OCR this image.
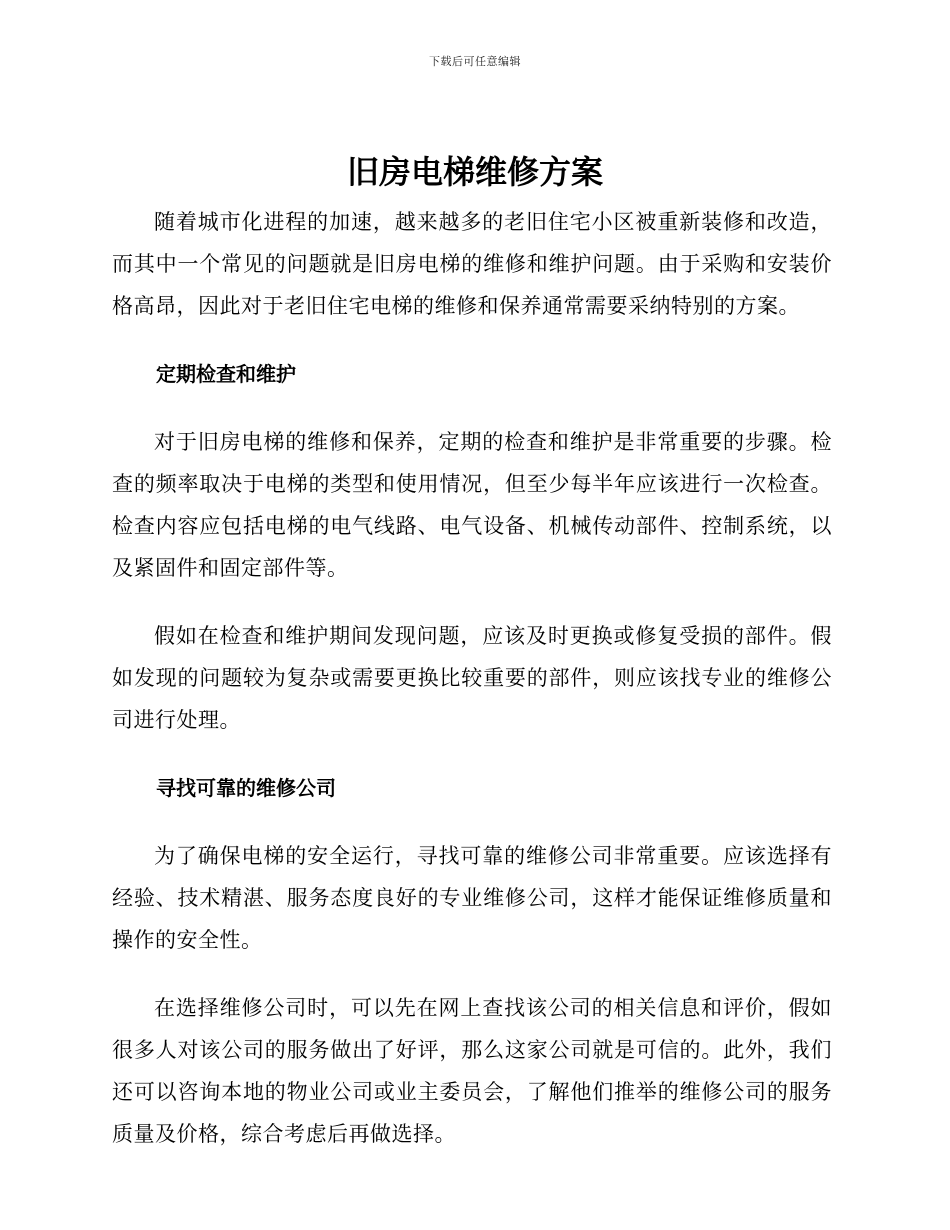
下载后可任意编辑
旧房电梯维修方案

随着城市化进程的加速，越来越多的老旧住宅小区被重新装修和改造，而其中一个常见的问题就是旧房电梯的维修和维护问题。由于采购和安装价格高昂，因此对于老旧住宅电梯的维修和保养通常需要采纳特别的方案。

定期检查和维护

对于旧房电梯的维修和保养，定期的检查和维护是非常重要的步骤。检查的频率取决于电梯的类型和使用情况，但至少每半年应该进行一次检查。检查内容应包括电梯的电气线路、电气设备、机械传动部件、控制系统，以及紧固件和固定部件等。

假如在检查和维护期间发现问题，应该及时更换或修复受损的部件。假如发现的问题较为复杂或需要更换比较重要的部件，则应该找专业的维修公司进行处理。

寻找可靠的维修公司

为了确保电梯的安全运行，寻找可靠的维修公司非常重要。应该选择有经验、技术精湛、服务态度良好的专业维修公司，这样才能保证维修质量和操作的安全性。

在选择维修公司时，可以先在网上查找该公司的相关信息和评价，假如很多人对该公司的服务做出了好评，那么这家公司就是可信的。此外，我们还可以咨询本地的物业公司或业主委员会，了解他们推举的维修公司的服务质量及价格，综合考虑后再做选择。
